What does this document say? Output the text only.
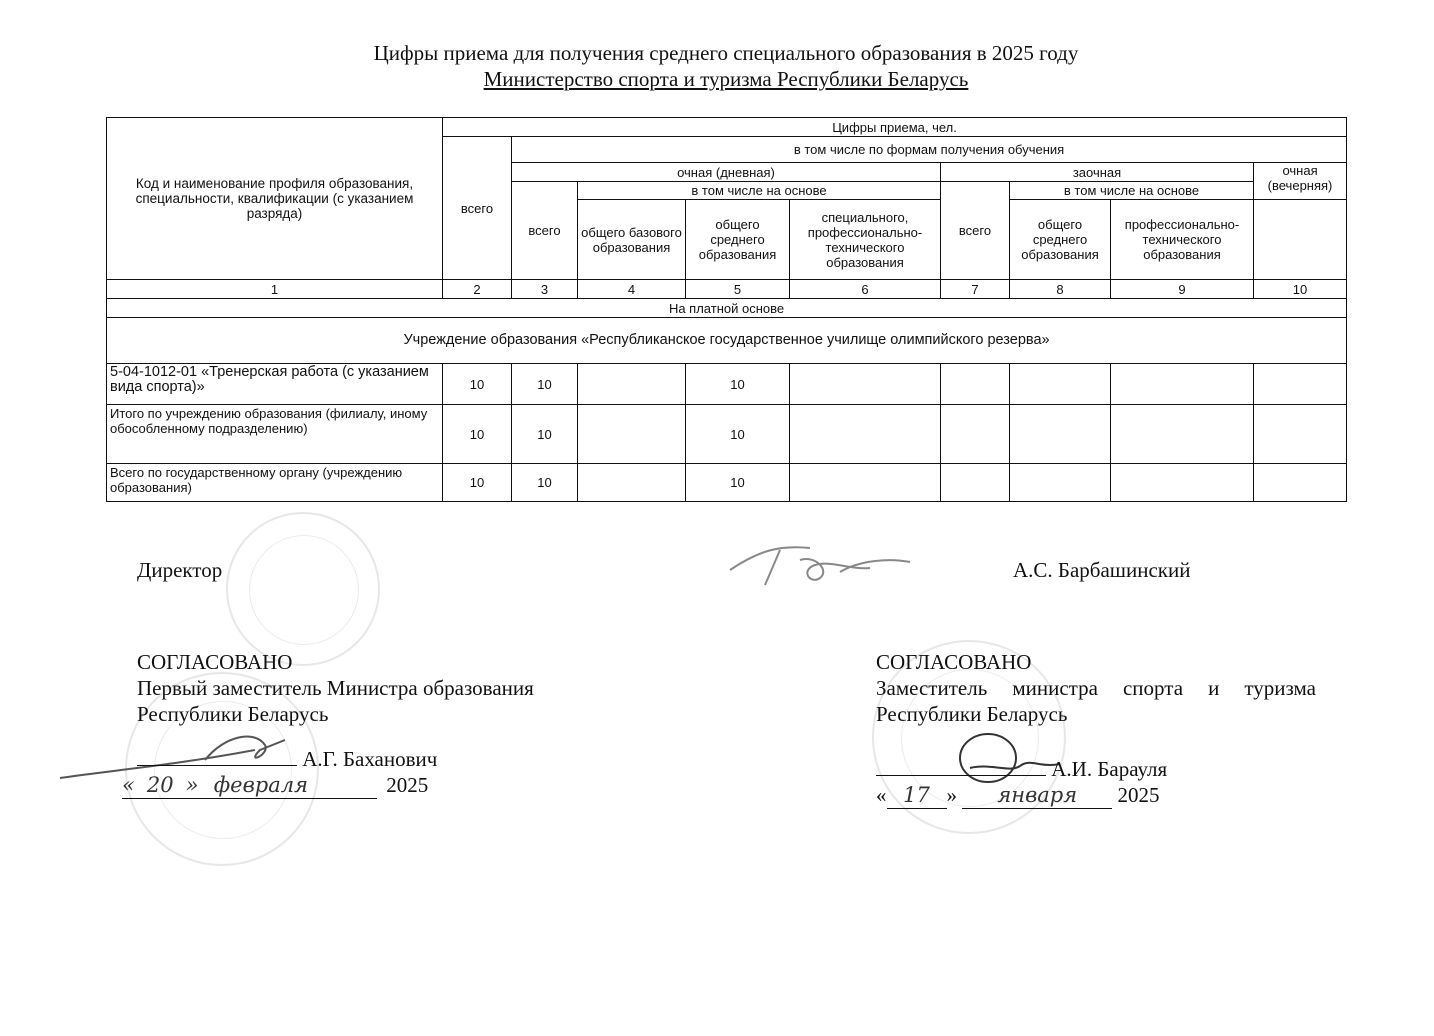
Цифры приема для получения среднего специального образования в 2025 году
Министерство спорта и туризма Республики Беларусь
Код и наименование профиля образования, специальности, квалификации (с указанием разряда)	Цифры приема, чел.								
	всего	в том числе по формам получения обучения							
		очная (дневная)				заочная			очная (вечерняя)
		всего	в том числе на основе			всего	в том числе на основе		
			общего базового образования	общего среднего образования	специального, профессионально-технического образования		общего среднего образования	профессионально-технического образования	
1	2	3	4	5	6	7	8	9	10
На платной основе									
Учреждение образования «Республиканское государственное училище олимпийского резерва»									
5-04-1012-01 «Тренерская работа (с указанием вида спорта)»	10	10		10					
Итого по учреждению образования (филиалу, иному обособленному подразделению)	10	10		10					
Всего по государственному органу (учреждению образования)	10	10		10					
Директор	А.С. Барбашинский
СОГЛАСОВАНО
Первый заместитель Министра образования Республики Беларусь
А.Г. Баханович
« 20 » февраля	2025
СОГЛАСОВАНО
Заместитель министра спорта и туризма Республики Беларусь
А.И. Барауля
« 17 » января 2025
